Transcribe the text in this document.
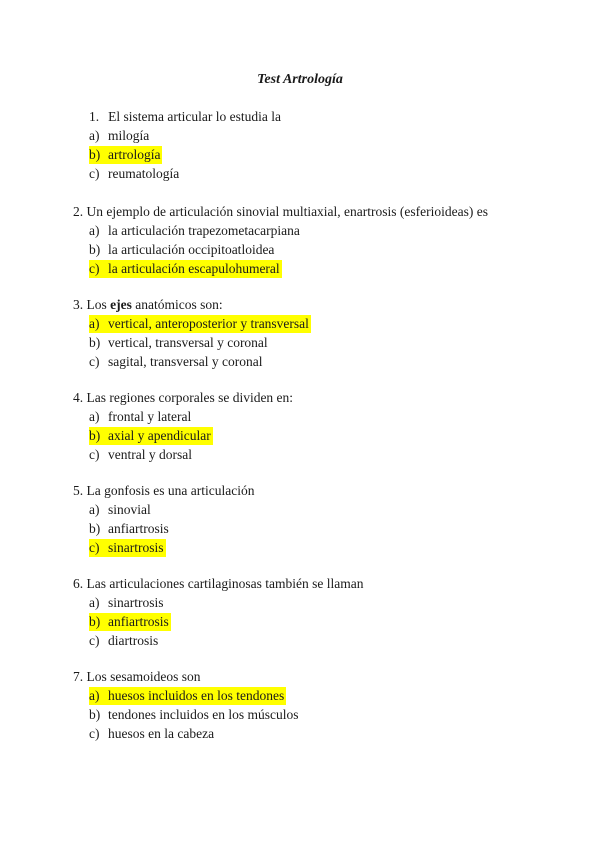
Test Artrología
1. El sistema articular lo estudia la
a) milogía
b) artrología
c) reumatología
2. Un ejemplo de articulación sinovial multiaxial, enartrosis (esferioideas) es
a) la articulación trapezometacarpiana
b) la articulación occipitoatloidea
c) la articulación escapulohumeral
3. Los ejes anatómicos son:
a) vertical, anteroposterior y transversal
b) vertical, transversal y coronal
c) sagital, transversal y coronal
4. Las regiones corporales se dividen en:
a) frontal y lateral
b) axial y apendicular
c) ventral y dorsal
5. La gonfosis es una articulación
a) sinovial
b) anfiartrosis
c) sinartrosis
6. Las articulaciones cartilaginosas también se llaman
a) sinartrosis
b) anfiartrosis
c) diartrosis
7. Los sesamoideos son
a) huesos incluidos en los tendones
b) tendones incluidos en los músculos
c) huesos en la cabeza
